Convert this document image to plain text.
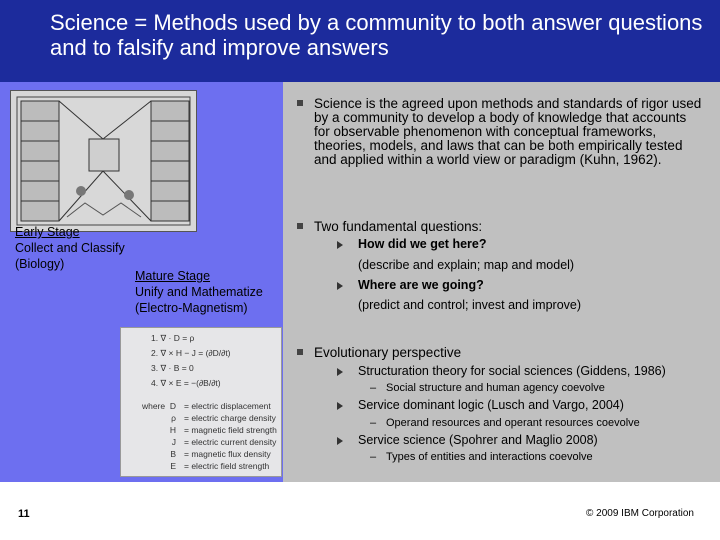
Science = Methods used by a community to both answer questions and to falsify and improve answers
Early Stage
Collect and Classify
(Biology)
Mature Stage
Unify and Mathematize
(Electro-Magnetism)
1. ∇ · D = ρ
2. ∇ × H − J = (∂D/∂t)
3. ∇ · B = 0
4. ∇ × E = −(∂B/∂t)
where D = electric displacement
ρ = electric charge density
H = magnetic field strength
J = electric current density
B = magnetic flux density
E = electric field strength
Science is the agreed upon methods and standards of rigor used by a community to develop a body of knowledge that accounts for observable phenomenon with conceptual frameworks, theories, models, and laws that can be both empirically tested and applied within a world view or paradigm (Kuhn, 1962).
Two fundamental questions:
How did we get here?
(describe and explain; map and model)
Where are we going?
(predict and control; invest and improve)
Evolutionary perspective
Structuration theory for social sciences (Giddens, 1986)
– Social structure and human agency coevolve
Service dominant logic (Lusch and Vargo, 2004)
– Operand resources and operant resources coevolve
Service science (Spohrer and Maglio 2008)
– Types of entities and interactions coevolve
11	© 2009 IBM Corporation
